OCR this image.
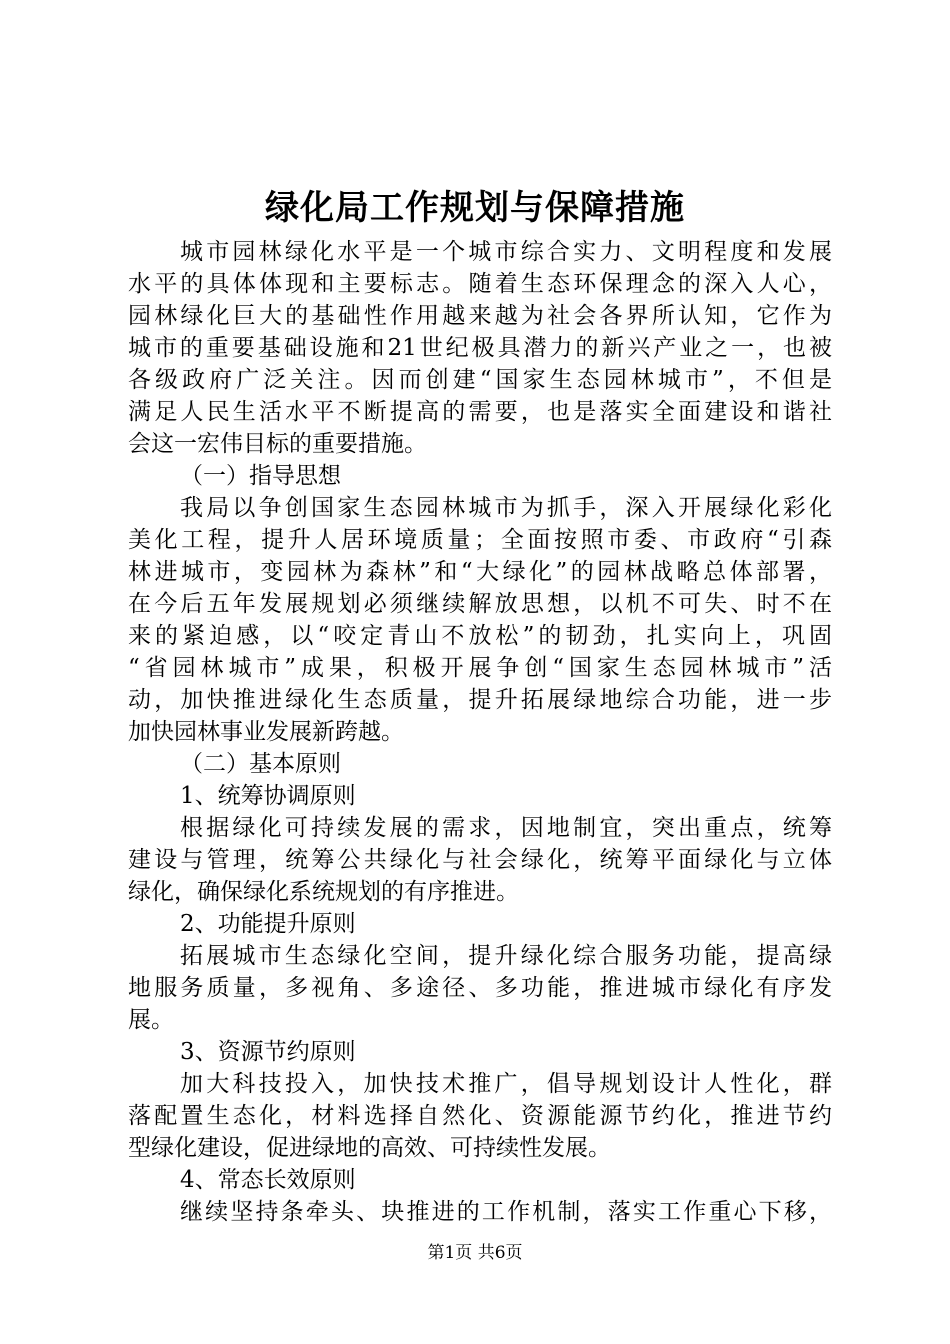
绿化局工作规划与保障措施
城市园林绿化水平是一个城市综合实力、文明程度和发展
水平的具体体现和主要标志。随着生态环保理念的深入人心，
园林绿化巨大的基础性作用越来越为社会各界所认知，它作为
城市的重要基础设施和21世纪极具潜力的新兴产业之一，也被
各级政府广泛关注。因而创建“国家生态园林城市”，不但是
满足人民生活水平不断提高的需要，也是落实全面建设和谐社
会这一宏伟目标的重要措施。
（一）指导思想
我局以争创国家生态园林城市为抓手，深入开展绿化彩化
美化工程，提升人居环境质量；全面按照市委、市政府“引森
林进城市，变园林为森林”和“大绿化”的园林战略总体部署，
在今后五年发展规划必须继续解放思想，以机不可失、时不在
来的紧迫感，以“咬定青山不放松”的韧劲，扎实向上，巩固
“省园林城市”成果，积极开展争创“国家生态园林城市”活
动，加快推进绿化生态质量，提升拓展绿地综合功能，进一步
加快园林事业发展新跨越。
（二）基本原则
1、统筹协调原则
根据绿化可持续发展的需求，因地制宜，突出重点，统筹
建设与管理，统筹公共绿化与社会绿化，统筹平面绿化与立体
绿化，确保绿化系统规划的有序推进。
2、功能提升原则
拓展城市生态绿化空间，提升绿化综合服务功能，提高绿
地服务质量，多视角、多途径、多功能，推进城市绿化有序发
展。
3、资源节约原则
加大科技投入，加快技术推广，倡导规划设计人性化，群
落配置生态化，材料选择自然化、资源能源节约化，推进节约
型绿化建设，促进绿地的高效、可持续性发展。
4、常态长效原则
继续坚持条牵头、块推进的工作机制，落实工作重心下移，
第1页 共6页
